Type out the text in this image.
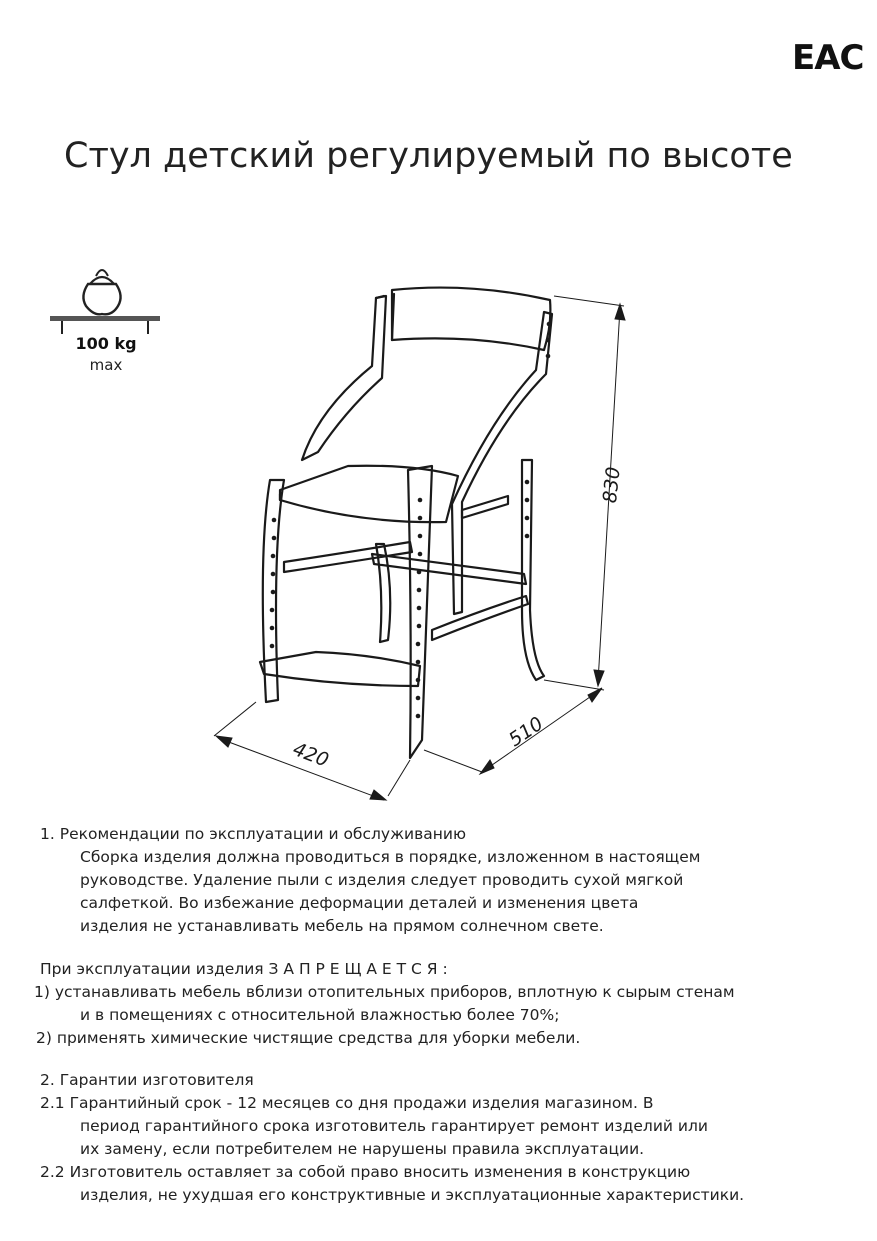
EAC
Стул детский регулируемый по высоте
100 kg
max
420
510
830

1. Рекомендации по эксплуатации и обслуживанию

Сборка изделия должна проводиться в порядке, изложенном в настоящем

руководстве. Удаление пыли с изделия следует проводить сухой мягкой

салфеткой. Во избежание деформации деталей и изменения цвета

изделия не устанавливать мебель на прямом солнечном свете.

При эксплуатации изделия З А П Р Е Щ А Е Т С Я :

1) устанавливать мебель вблизи отопительных приборов, вплотную к сырым стенам

и в помещениях с относительной влажностью более 70%;

2) применять химические чистящие средства для уборки мебели.

2. Гарантии изготовителя

2.1 Гарантийный срок - 12 месяцев со дня продажи изделия магазином. В

период гарантийного срока изготовитель гарантирует ремонт изделий или

их замену, если потребителем не нарушены правила эксплуатации.

2.2 Изготовитель оставляет за собой право вносить изменения в конструкцию

изделия, не ухудшая его конструктивные и эксплуатационные характеристики.
